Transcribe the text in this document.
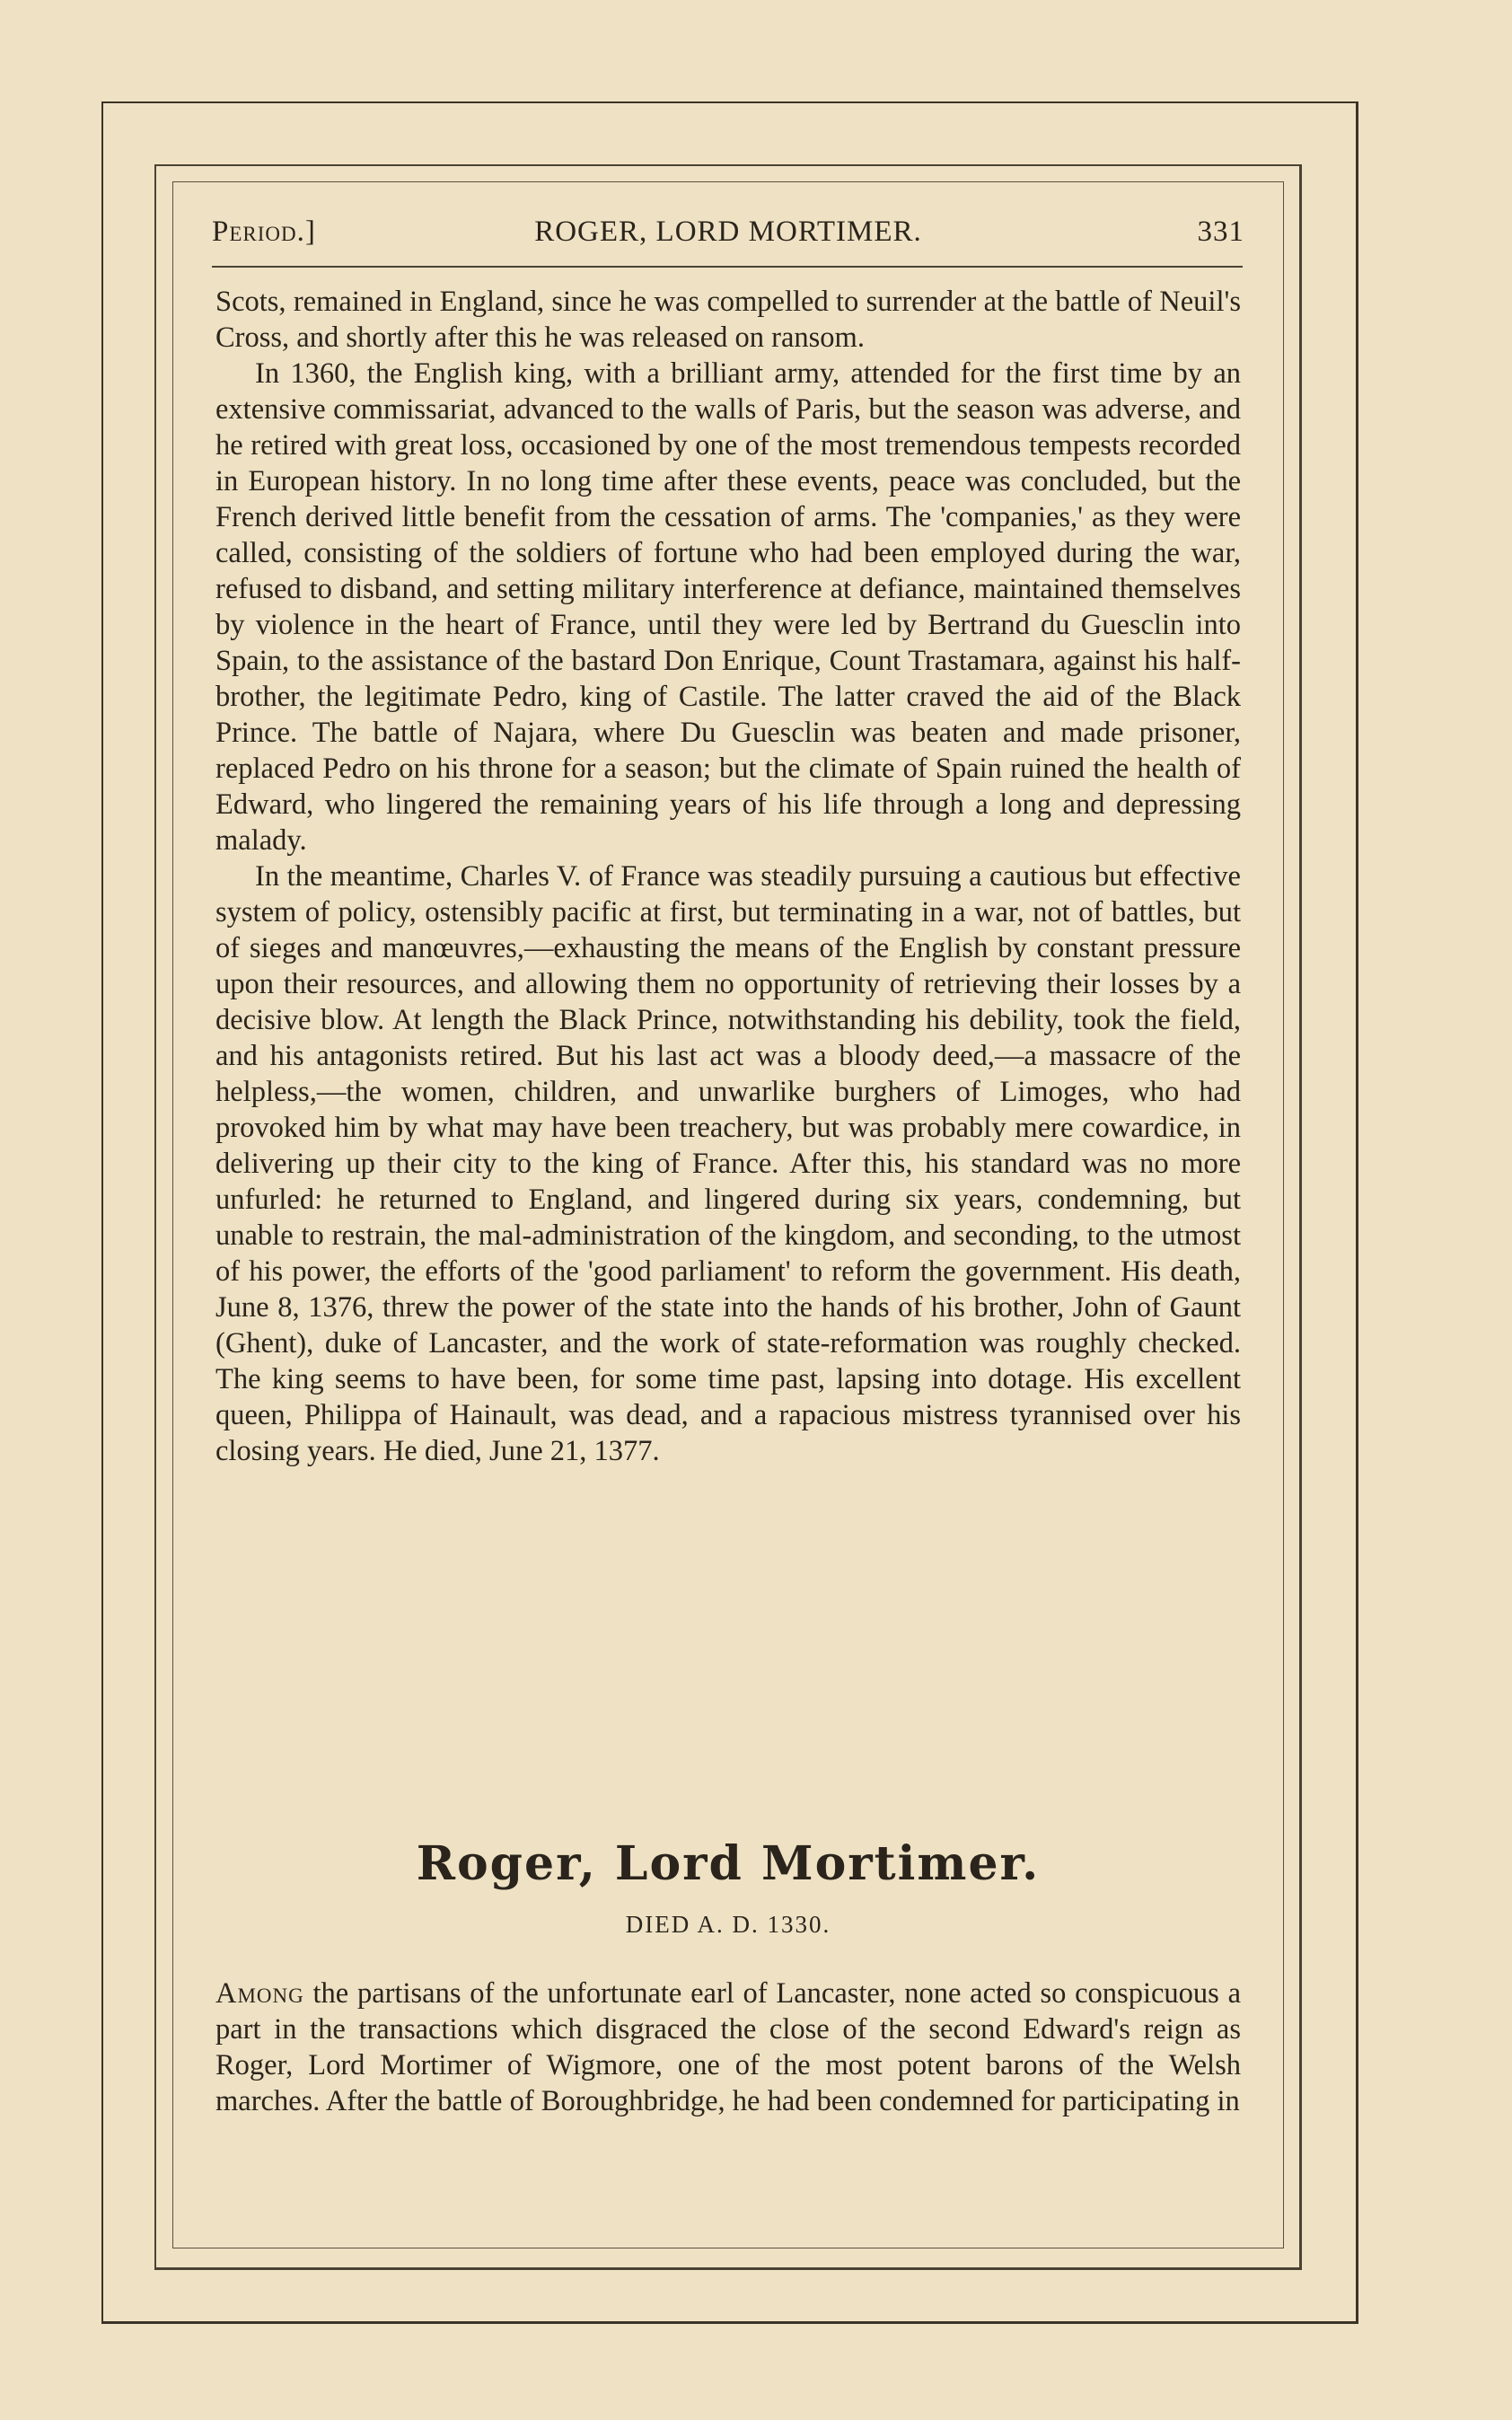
Period.]	ROGER, LORD MORTIMER.	331

Scots, remained in England, since he was compelled to surrender at the battle of Neuil's Cross, and shortly after this he was released on ransom.

In 1360, the English king, with a brilliant army, attended for the first time by an extensive commissariat, advanced to the walls of Paris, but the season was adverse, and he retired with great loss, occasioned by one of the most tremendous tempests recorded in European history. In no long time after these events, peace was concluded, but the French derived little benefit from the cessation of arms. The 'companies,' as they were called, consisting of the soldiers of fortune who had been employed during the war, refused to disband, and setting military interference at defiance, maintained themselves by violence in the heart of France, until they were led by Bertrand du Guesclin into Spain, to the assistance of the bastard Don Enrique, Count Trastamara, against his half-brother, the legitimate Pedro, king of Castile. The latter craved the aid of the Black Prince. The battle of Najara, where Du Guesclin was beaten and made prisoner, replaced Pedro on his throne for a season; but the climate of Spain ruined the health of Edward, who lingered the remaining years of his life through a long and depressing malady.

In the meantime, Charles V. of France was steadily pursuing a cautious but effective system of policy, ostensibly pacific at first, but terminating in a war, not of battles, but of sieges and manœuvres,—exhausting the means of the English by constant pressure upon their resources, and allowing them no opportunity of retrieving their losses by a decisive blow. At length the Black Prince, notwithstanding his debility, took the field, and his antagonists retired. But his last act was a bloody deed,—a massacre of the helpless,—the women, children, and unwarlike burghers of Limoges, who had provoked him by what may have been treachery, but was probably mere cowardice, in delivering up their city to the king of France. After this, his standard was no more unfurled: he returned to England, and lingered during six years, condemning, but unable to restrain, the mal-administration of the kingdom, and seconding, to the utmost of his power, the efforts of the 'good parliament' to reform the government. His death, June 8, 1376, threw the power of the state into the hands of his brother, John of Gaunt (Ghent), duke of Lancaster, and the work of state-reformation was roughly checked. The king seems to have been, for some time past, lapsing into dotage. His excellent queen, Philippa of Hainault, was dead, and a rapacious mistress tyrannised over his closing years. He died, June 21, 1377.

Roger, Lord Mortimer.
DIED A. D. 1330.

Among the partisans of the unfortunate earl of Lancaster, none acted so conspicuous a part in the transactions which disgraced the close of the second Edward's reign as Roger, Lord Mortimer of Wigmore, one of the most potent barons of the Welsh marches. After the battle of Boroughbridge, he had been condemned for participating in
